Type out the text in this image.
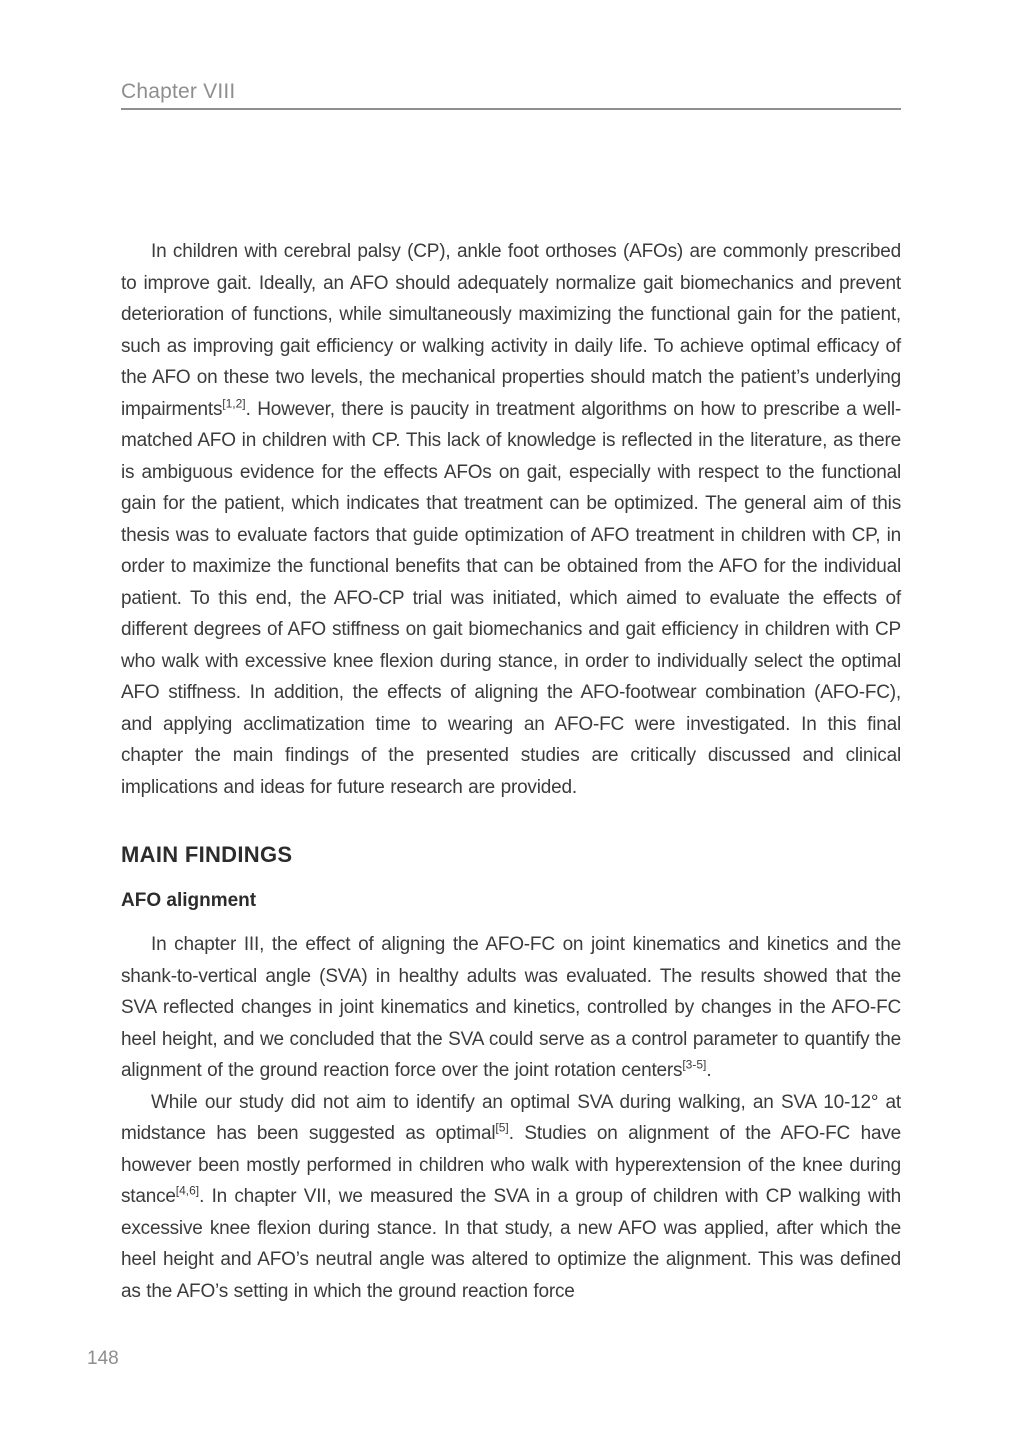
Chapter VIII

In children with cerebral palsy (CP), ankle foot orthoses (AFOs) are commonly prescribed to improve gait. Ideally, an AFO should adequately normalize gait biomechanics and prevent deterioration of functions, while simultaneously maximizing the functional gain for the patient, such as improving gait efficiency or walking activity in daily life. To achieve optimal efficacy of the AFO on these two levels, the mechanical properties should match the patient’s underlying impairments[1,2]. However, there is paucity in treatment algorithms on how to prescribe a well-matched AFO in children with CP. This lack of knowledge is reflected in the literature, as there is ambiguous evidence for the effects AFOs on gait, especially with respect to the functional gain for the patient, which indicates that treatment can be optimized. The general aim of this thesis was to evaluate factors that guide optimization of AFO treatment in children with CP, in order to maximize the functional benefits that can be obtained from the AFO for the individual patient. To this end, the AFO-CP trial was initiated, which aimed to evaluate the effects of different degrees of AFO stiffness on gait biomechanics and gait efficiency in children with CP who walk with excessive knee flexion during stance, in order to individually select the optimal AFO stiffness. In addition, the effects of aligning the AFO-footwear combination (AFO-FC), and applying acclimatization time to wearing an AFO-FC were investigated. In this final chapter the main findings of the presented studies are critically discussed and clinical implications and ideas for future research are provided.

MAIN FINDINGS
AFO alignment

In chapter III, the effect of aligning the AFO-FC on joint kinematics and kinetics and the shank-to-vertical angle (SVA) in healthy adults was evaluated. The results showed that the SVA reflected changes in joint kinematics and kinetics, controlled by changes in the AFO-FC heel height, and we concluded that the SVA could serve as a control parameter to quantify the alignment of the ground reaction force over the joint rotation centers[3-5].

While our study did not aim to identify an optimal SVA during walking, an SVA 10-12° at midstance has been suggested as optimal[5]. Studies on alignment of the AFO-FC have however been mostly performed in children who walk with hyperextension of the knee during stance[4,6]. In chapter VII, we measured the SVA in a group of children with CP walking with excessive knee flexion during stance. In that study, a new AFO was applied, after which the heel height and AFO’s neutral angle was altered to optimize the alignment. This was defined as the AFO’s setting in which the ground reaction force

148
